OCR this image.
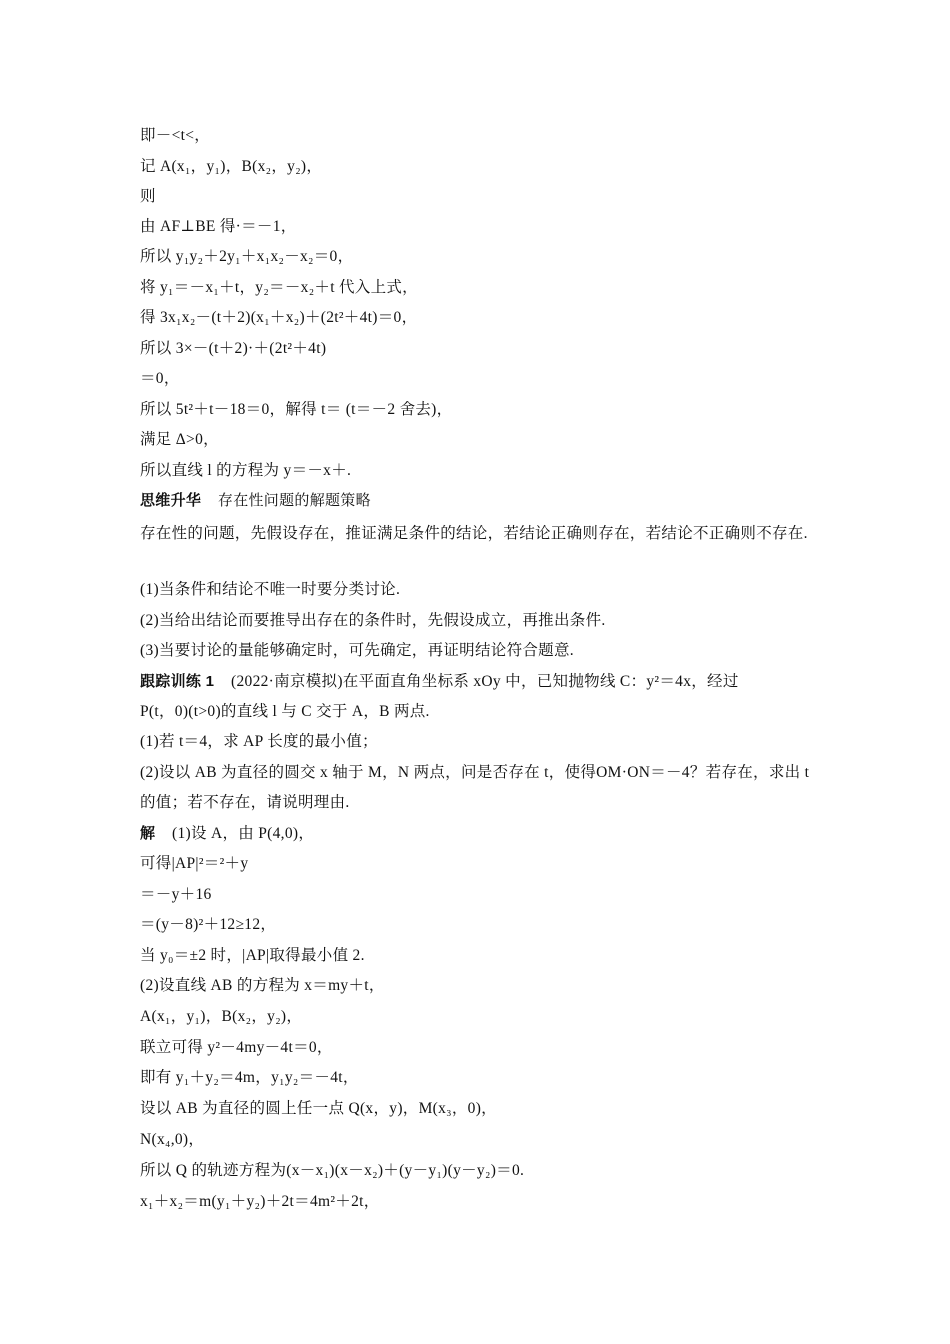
即－<t<，
记 A(x₁，y₁)，B(x₂，y₂)，
则
由 AF⊥BE 得·＝－1，
所以 y₁y₂＋2y₁＋x₁x₂－x₂＝0，
将 y₁＝－x₁＋t，y₂＝－x₂＋t 代入上式，
得 3x₁x₂－(t＋2)(x₁＋x₂)＋(2t²＋4t)＝0，
所以 3×－(t＋2)·＋(2t²＋4t)
＝0，
所以 5t²＋t－18＝0，解得 t＝ (t＝－2 舍去)，
满足 Δ>0，
所以直线 l 的方程为 y＝－x＋.
思维升华 存在性问题的解题策略
存在性的问题，先假设存在，推证满足条件的结论，若结论正确则存在，若结论不正确则不存在.
(1)当条件和结论不唯一时要分类讨论.
(2)当给出结论而要推导出存在的条件时，先假设成立，再推出条件.
(3)当要讨论的量能够确定时，可先确定，再证明结论符合题意.
跟踪训练 1 (2022·南京模拟)在平面直角坐标系 xOy 中，已知抛物线 C：y²＝4x，经过
P(t，0)(t>0)的直线 l 与 C 交于 A，B 两点.
(1)若 t＝4，求 AP 长度的最小值；
(2)设以 AB 为直径的圆交 x 轴于 M，N 两点，问是否存在 t，使得OM·ON＝－4？若存在，求出 t 的值；若不存在，请说明理由.
解 (1)设 A，由 P(4,0)，
可得|AP|²＝²＋y
＝－y＋16
＝(y－8)²＋12≥12，
当 y₀＝±2 时，|AP|取得最小值 2.
(2)设直线 AB 的方程为 x＝my＋t，
A(x₁，y₁)，B(x₂，y₂)，
联立可得 y²－4my－4t＝0，
即有 y₁＋y₂＝4m，y₁y₂＝－4t，
设以 AB 为直径的圆上任一点 Q(x，y)，M(x₃，0)，
N(x₄,0)，
所以 Q 的轨迹方程为(x－x₁)(x－x₂)＋(y－y₁)(y－y₂)＝0.
x₁＋x₂＝m(y₁＋y₂)＋2t＝4m²＋2t，
